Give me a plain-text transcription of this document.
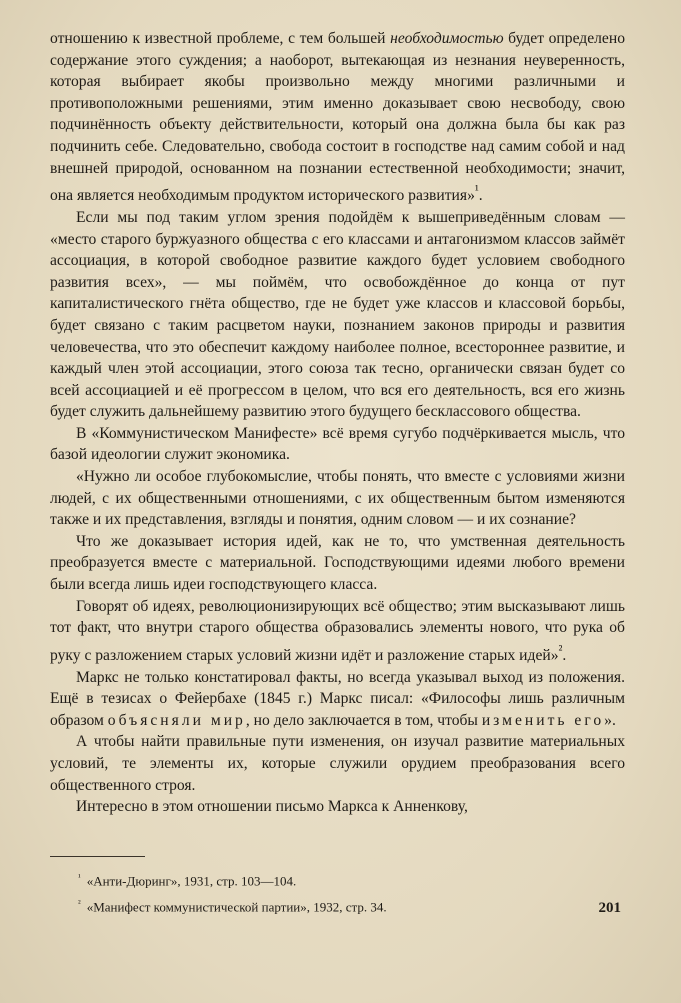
отношению к известной проблеме, с тем большей необходимостью будет определено содержание этого суждения; а наоборот, вытекающая из незнания неуверенность, которая выбирает якобы произвольно между многими различными и противоположными решениями, этим именно доказывает свою несвободу, свою подчинённость объекту действительности, который она должна была бы как раз подчинить себе. Следовательно, свобода состоит в господстве над самим собой и над внешней природой, основанном на познании естественной необходимости; значит, она является необходимым продуктом исторического развития»$^{^1}$.

Если мы под таким углом зрения подойдём к вышеприведённым словам — «место старого буржуазного общества с его классами и антагонизмом классов займёт ассоциация, в которой свободное развитие каждого будет условием свободного развития всех», — мы поймём, что освобождённое до конца от пут капиталистического гнёта общество, где не будет уже классов и классовой борьбы, будет связано с таким расцветом науки, познанием законов природы и развития человечества, что это обеспечит каждому наиболее полное, всестороннее развитие, и каждый член этой ассоциации, этого союза так тесно, органически связан будет со всей ассоциацией и её прогрессом в целом, что вся его деятельность, вся его жизнь будет служить дальнейшему развитию этого будущего бесклассового общества.

В «Коммунистическом Манифесте» всё время сугубо подчёркивается мысль, что базой идеологии служит экономика.

«Нужно ли особое глубокомыслие, чтобы понять, что вместе с условиями жизни людей, с их общественными отношениями, с их общественным бытом изменяются также и их представления, взгляды и понятия, одним словом — и их сознание?

Что же доказывает история идей, как не то, что умственная деятельность преобразуется вместе с материальной. Господствующими идеями любого времени были всегда лишь идеи господствующего класса.

Говорят об идеях, революционизирующих всё общество; этим высказывают лишь тот факт, что внутри старого общества образовались элементы нового, что рука об руку с разложением старых условий жизни идёт и разложение старых идей»$^{^2}$.

Маркс не только констатировал факты, но всегда указывал выход из положения. Ещё в тезисах о Фейербахе (1845 г.) Маркс писал: «Философы лишь различным образом объясняли мир, но дело заключается в том, чтобы изменить его».

А чтобы найти правильные пути изменения, он изучал развитие материальных условий, те элементы их, которые служили орудием преобразования всего общественного строя.

Интересно в этом отношении письмо Маркса к Анненкову,

$^{^1}$ «Анти-Дюринг», 1931, стр. 103—104.

$^{^2}$ «Манифест коммунистической партии», 1932, стр. 34.	201
